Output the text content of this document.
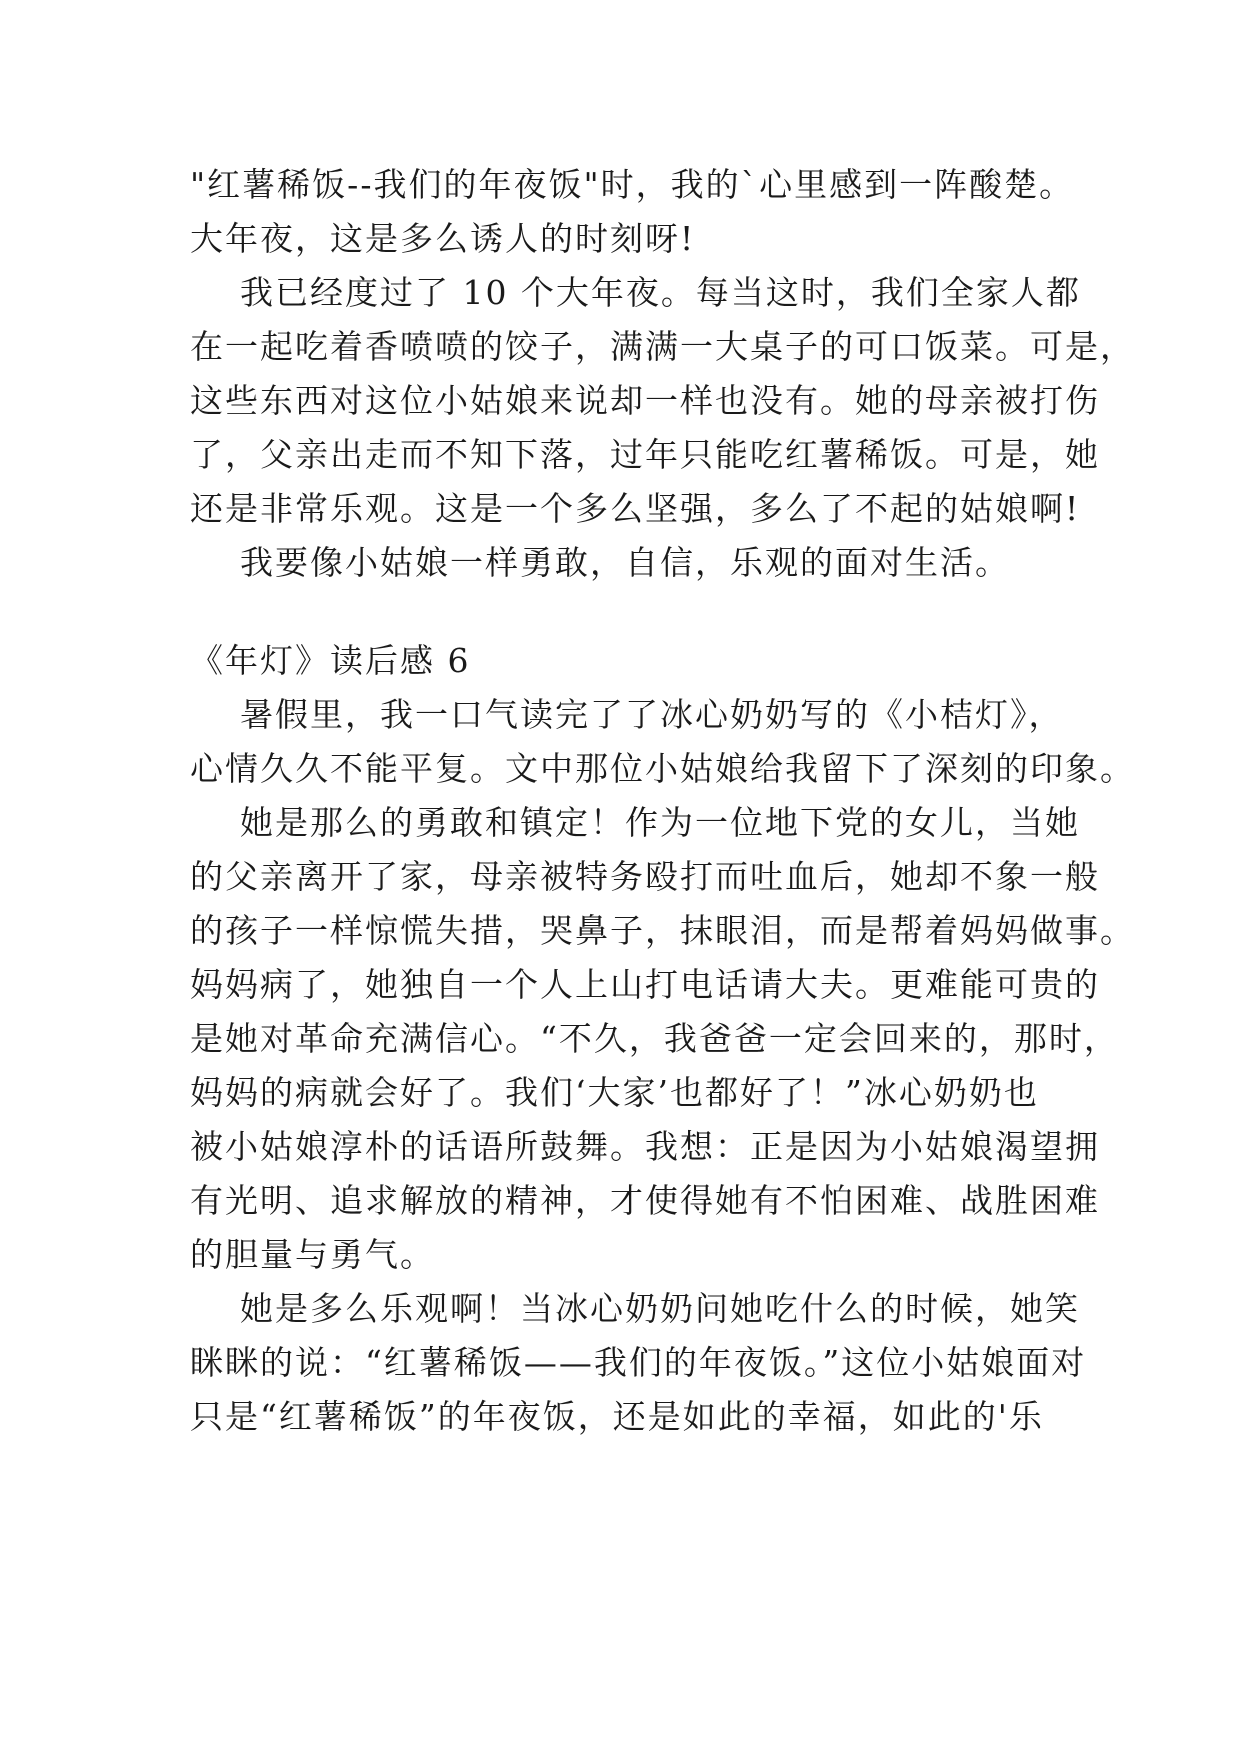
"红薯稀饭--我们的年夜饭"时，我的`心里感到一阵酸楚。

大年夜，这是多么诱人的时刻呀!

我已经度过了 10 个大年夜。每当这时，我们全家人都

在一起吃着香喷喷的饺子，满满一大桌子的可口饭菜。可是，

这些东西对这位小姑娘来说却一样也没有。她的母亲被打伤

了，父亲出走而不知下落，过年只能吃红薯稀饭。可是，她

还是非常乐观。这是一个多么坚强，多么了不起的姑娘啊!

我要像小姑娘一样勇敢，自信，乐观的面对生活。

《年灯》读后感 6

暑假里，我一口气读完了了冰心奶奶写的《小桔灯》，

心情久久不能平复。文中那位小姑娘给我留下了深刻的印象。

她是那么的勇敢和镇定！作为一位地下党的女儿，当她

的父亲离开了家，母亲被特务殴打而吐血后，她却不象一般

的孩子一样惊慌失措，哭鼻子，抹眼泪，而是帮着妈妈做事。

妈妈病了，她独自一个人上山打电话请大夫。更难能可贵的

是她对革命充满信心。“不久，我爸爸一定会回来的，那时，

妈妈的病就会好了。我们‘大家’也都好了！”冰心奶奶也

被小姑娘淳朴的话语所鼓舞。我想：正是因为小姑娘渴望拥

有光明、追求解放的精神，才使得她有不怕困难、战胜困难

的胆量与勇气。

她是多么乐观啊！当冰心奶奶问她吃什么的时候，她笑

眯眯的说：“红薯稀饭——我们的年夜饭。”这位小姑娘面对

只是“红薯稀饭”的年夜饭，还是如此的幸福，如此的'乐
